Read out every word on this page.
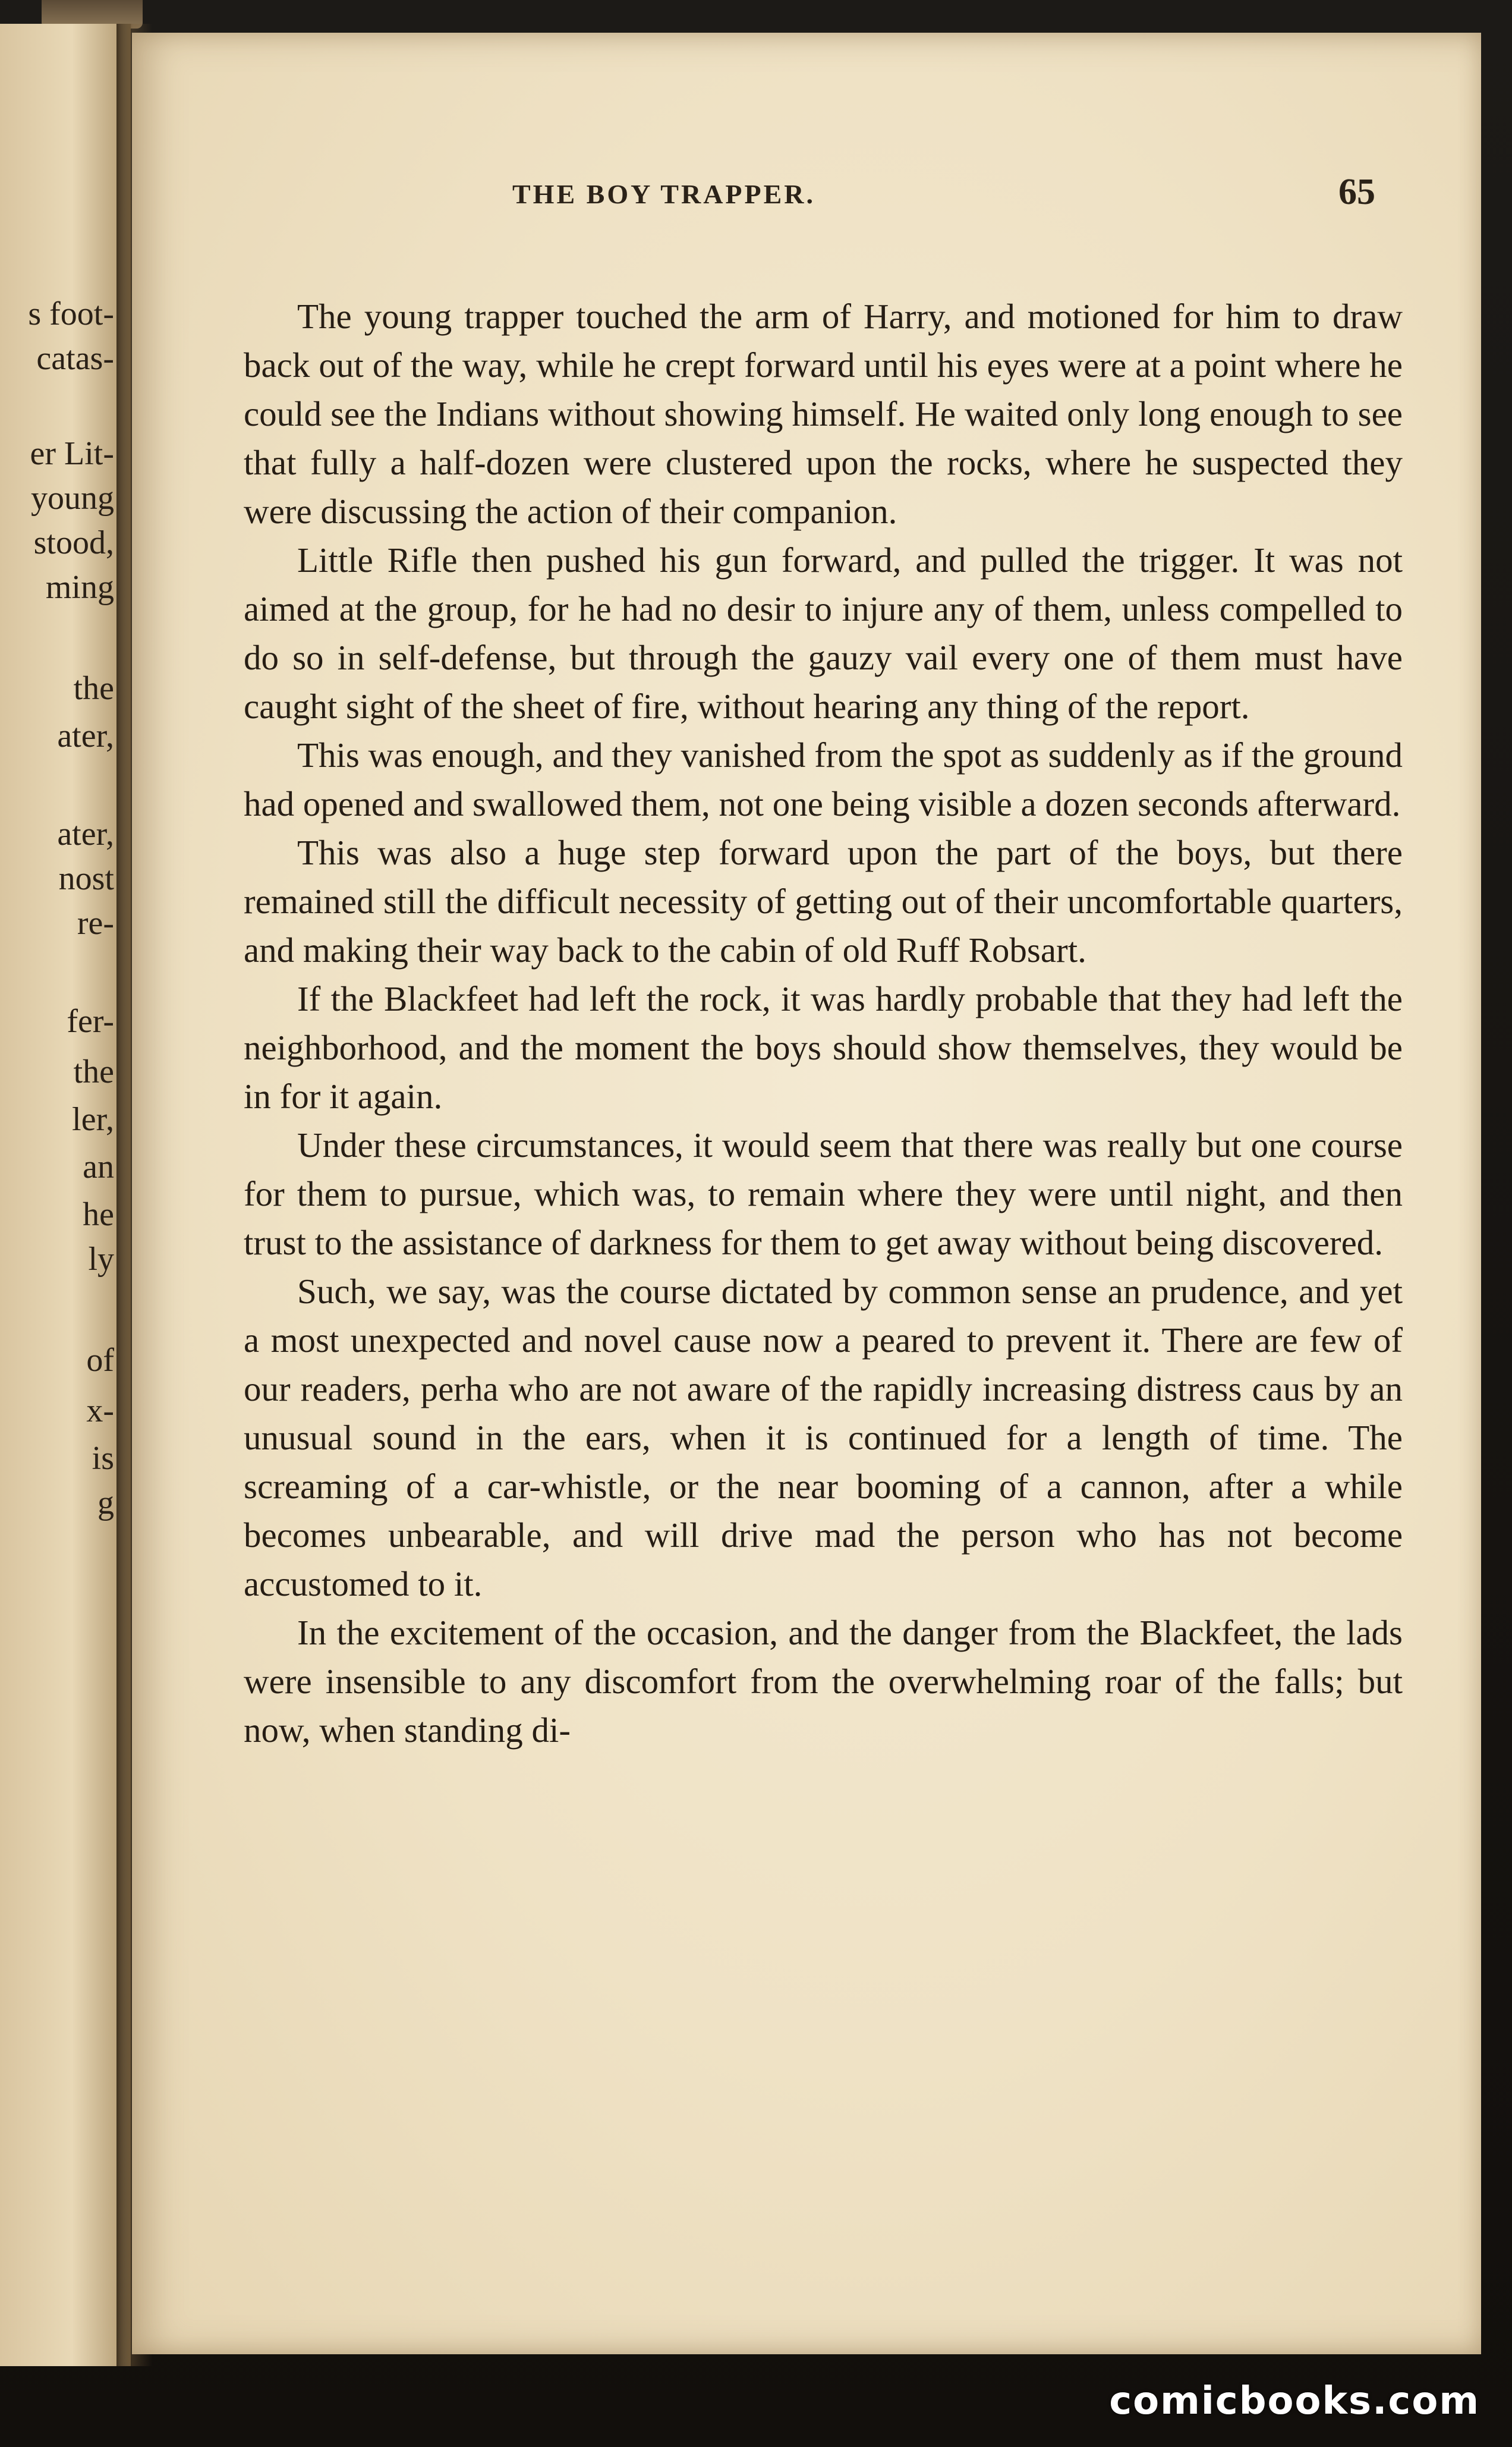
s foot-
catas-
er Lit-
young
stood,
ming
the
ater,
ater,
nost
re-
fer-
the
ler,
an
he
ly
of
x-
is
g
THE BOY TRAPPER.	65

The young trapper touched the arm of Harry, and motioned for him to draw back out of the way, while he crept forward until his eyes were at a point where he could see the Indians without showing himself. He waited only long enough to see that fully a half-dozen were clustered upon the rocks, where he suspected they were discussing the action of their companion.

Little Rifle then pushed his gun forward, and pulled the trigger. It was not aimed at the group, for he had no desir to injure any of them, unless compelled to do so in self-defense, but through the gauzy vail every one of them must have caught sight of the sheet of fire, without hearing any thing of the report.

This was enough, and they vanished from the spot as suddenly as if the ground had opened and swallowed them, not one being visible a dozen seconds afterward.

This was also a huge step forward upon the part of the boys, but there remained still the difficult necessity of getting out of their uncomfortable quarters, and making their way back to the cabin of old Ruff Robsart.

If the Blackfeet had left the rock, it was hardly probable that they had left the neighborhood, and the moment the boys should show themselves, they would be in for it again.

Under these circumstances, it would seem that there was really but one course for them to pursue, which was, to remain where they were until night, and then trust to the assistance of darkness for them to get away without being discovered.

Such, we say, was the course dictated by common sense an prudence, and yet a most unexpected and novel cause now a peared to prevent it. There are few of our readers, perha who are not aware of the rapidly increasing distress caus by an unusual sound in the ears, when it is continued for a length of time. The screaming of a car-whistle, or the near booming of a cannon, after a while becomes unbearable, and will drive mad the person who has not become accustomed to it.

In the excitement of the occasion, and the danger from the Blackfeet, the lads were insensible to any discomfort from the overwhelming roar of the falls; but now, when standing di-

comicbooks.com
